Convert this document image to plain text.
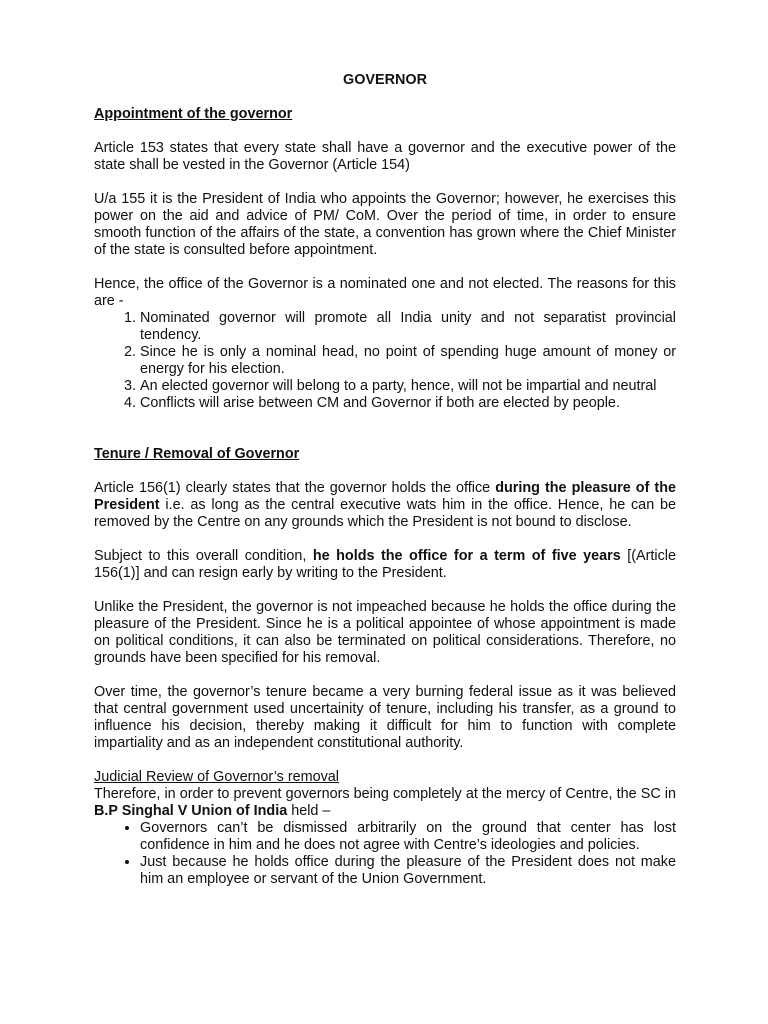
GOVERNOR
Appointment of the governor

Article 153 states that every state shall have a governor and the executive power of the state shall be vested in the Governor (Article 154)

U/a 155 it is the President of India who appoints the Governor; however, he exercises this power on the aid and advice of PM/ CoM. Over the period of time, in order to ensure smooth function of the affairs of the state, a convention has grown where the Chief Minister of the state is consulted before appointment.

Hence, the office of the Governor is a nominated one and not elected. The reasons for this are -

1. Nominated governor will promote all India unity and not separatist provincial tendency.
2. Since he is only a nominal head, no point of spending huge amount of money or energy for his election.
3. An elected governor will belong to a party, hence, will not be impartial and neutral
4. Conflicts will arise between CM and Governor if both are elected by people.
Tenure / Removal of Governor

Article 156(1) clearly states that the governor holds the office during the pleasure of the President i.e. as long as the central executive wats him in the office. Hence, he can be removed by the Centre on any grounds which the President is not bound to disclose.

Subject to this overall condition, he holds the office for a term of five years [(Article 156(1)] and can resign early by writing to the President.

Unlike the President, the governor is not impeached because he holds the office during the pleasure of the President. Since he is a political appointee of whose appointment is made on political conditions, it can also be terminated on political considerations. Therefore, no grounds have been specified for his removal.

Over time, the governor’s tenure became a very burning federal issue as it was believed that central government used uncertainity of tenure, including his transfer, as a ground to influence his decision, thereby making it difficult for him to function with complete impartiality and as an independent constitutional authority.

Judicial Review of Governor’s removal

Therefore, in order to prevent governors being completely at the mercy of Centre, the SC in B.P Singhal V Union of India held –

• Governors can’t be dismissed arbitrarily on the ground that center has lost confidence in him and he does not agree with Centre’s ideologies and policies.
• Just because he holds office during the pleasure of the President does not make him an employee or servant of the Union Government.
